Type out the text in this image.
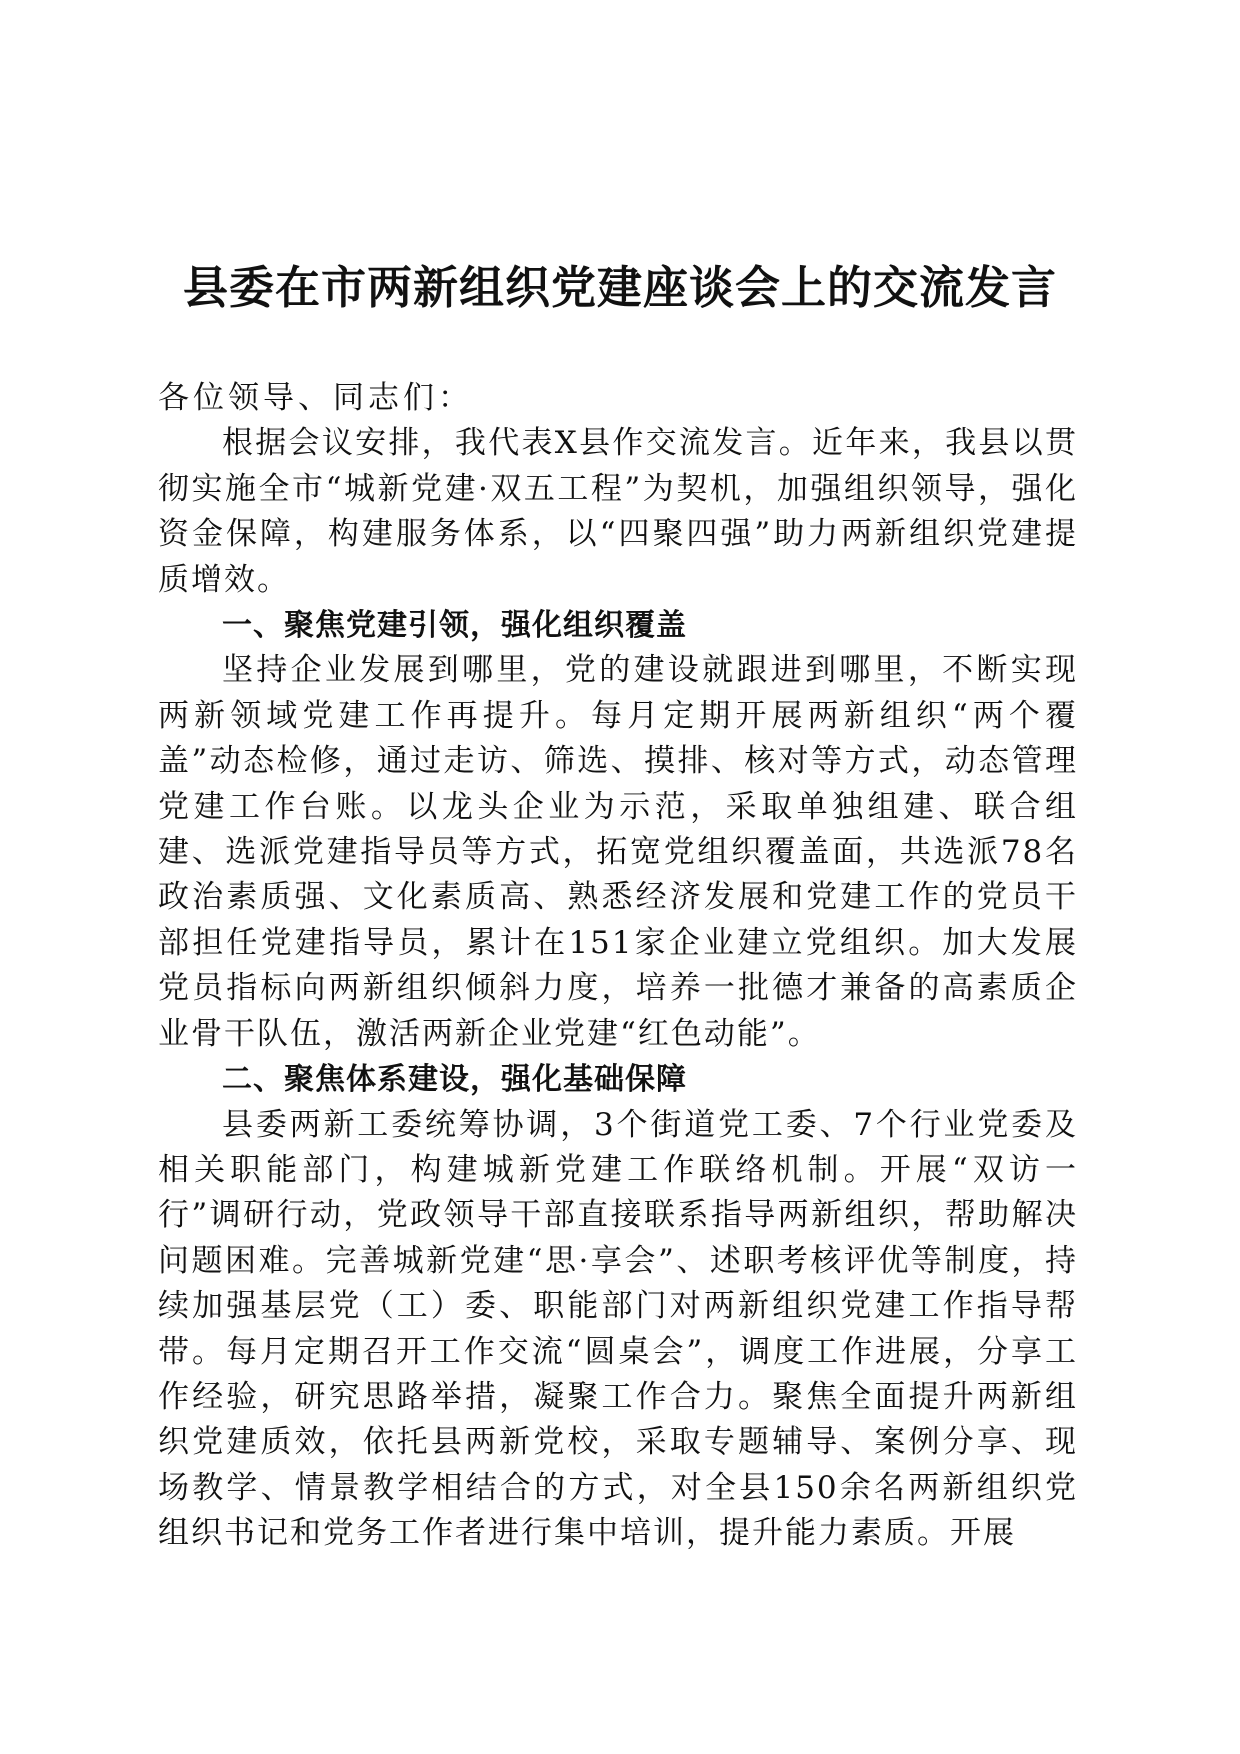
县委在市两新组织党建座谈会上的交流发言

各位领导、同志们：

根据会议安排，我代表X县作交流发言。近年来，我县以贯彻实施全市“城新党建·双五工程”为契机，加强组织领导，强化资金保障，构建服务体系，以“四聚四强”助力两新组织党建提质增效。

一、聚焦党建引领，强化组织覆盖

坚持企业发展到哪里，党的建设就跟进到哪里，不断实现两新领域党建工作再提升。每月定期开展两新组织“两个覆盖”动态检修，通过走访、筛选、摸排、核对等方式，动态管理党建工作台账。以龙头企业为示范，采取单独组建、联合组建、选派党建指导员等方式，拓宽党组织覆盖面，共选派78名政治素质强、文化素质高、熟悉经济发展和党建工作的党员干部担任党建指导员，累计在151家企业建立党组织。加大发展党员指标向两新组织倾斜力度，培养一批德才兼备的高素质企业骨干队伍，激活两新企业党建“红色动能”。

二、聚焦体系建设，强化基础保障

县委两新工委统筹协调，3个街道党工委、7个行业党委及相关职能部门，构建城新党建工作联络机制。开展“双访一行”调研行动，党政领导干部直接联系指导两新组织，帮助解决问题困难。完善城新党建“思·享会”、述职考核评优等制度，持续加强基层党（工）委、职能部门对两新组织党建工作指导帮带。每月定期召开工作交流“圆桌会”，调度工作进展，分享工作经验，研究思路举措，凝聚工作合力。聚焦全面提升两新组织党建质效，依托县两新党校，采取专题辅导、案例分享、现场教学、情景教学相结合的方式，对全县150余名两新组织党组织书记和党务工作者进行集中培训，提升能力素质。开展
